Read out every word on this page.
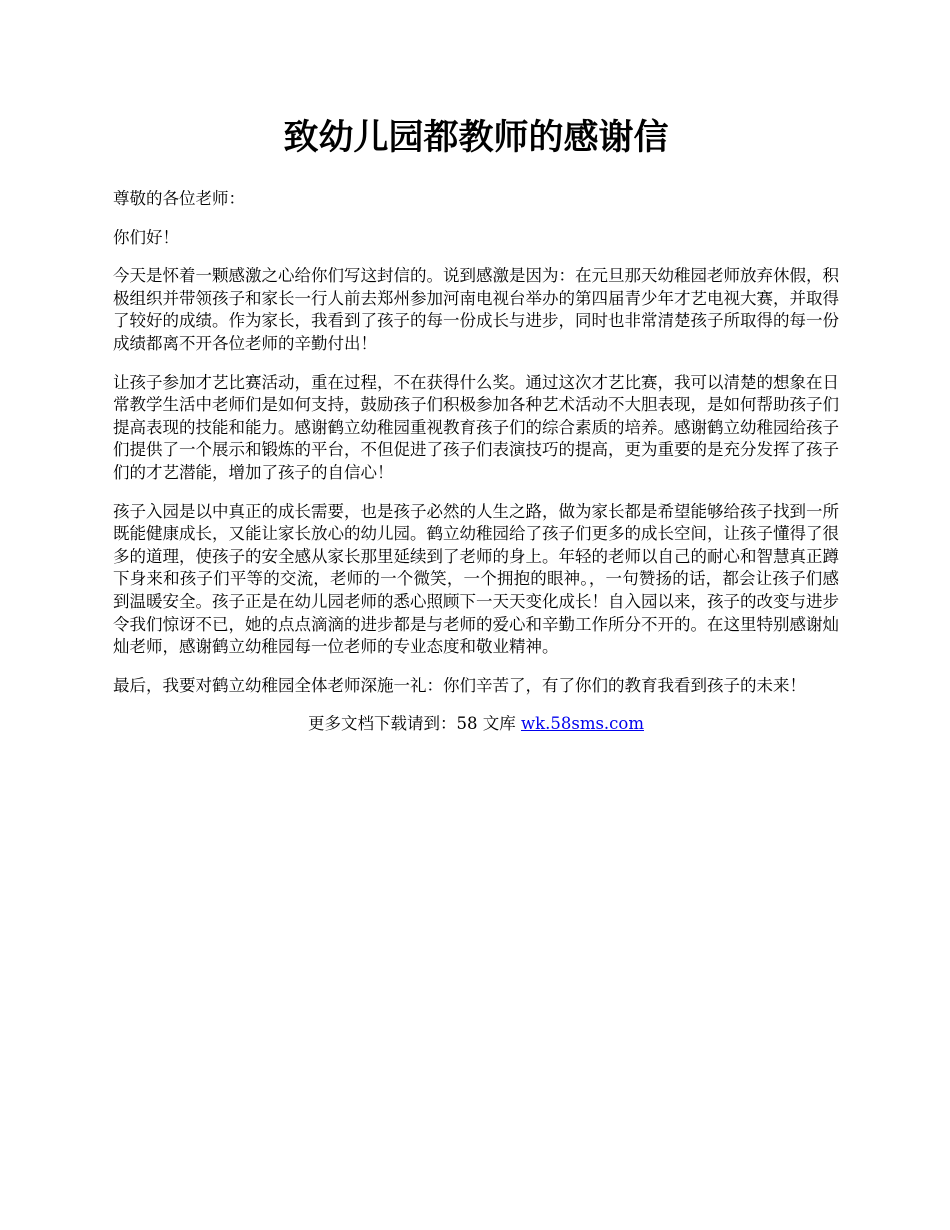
致幼儿园都教师的感谢信

尊敬的各位老师：

你们好！

今天是怀着一颗感激之心给你们写这封信的。说到感激是因为：在元旦那天幼稚园老师放弃休假，积极组织并带领孩子和家长一行人前去郑州参加河南电视台举办的第四届青少年才艺电视大赛，并取得了较好的成绩。作为家长，我看到了孩子的每一份成长与进步，同时也非常清楚孩子所取得的每一份成绩都离不开各位老师的辛勤付出！

让孩子参加才艺比赛活动，重在过程，不在获得什么奖。通过这次才艺比赛，我可以清楚的想象在日常教学生活中老师们是如何支持，鼓励孩子们积极参加各种艺术活动不大胆表现，是如何帮助孩子们提高表现的技能和能力。感谢鹤立幼稚园重视教育孩子们的综合素质的培养。感谢鹤立幼稚园给孩子们提供了一个展示和锻炼的平台，不但促进了孩子们表演技巧的提高，更为重要的是充分发挥了孩子们的才艺潜能，增加了孩子的自信心！

孩子入园是以中真正的成长需要，也是孩子必然的人生之路，做为家长都是希望能够给孩子找到一所既能健康成长，又能让家长放心的幼儿园。鹤立幼稚园给了孩子们更多的成长空间，让孩子懂得了很多的道理，使孩子的安全感从家长那里延续到了老师的身上。年轻的老师以自己的耐心和智慧真正蹲下身来和孩子们平等的交流，老师的一个微笑，一个拥抱的眼神。，一句赞扬的话，都会让孩子们感到温暖安全。孩子正是在幼儿园老师的悉心照顾下一天天变化成长！自入园以来，孩子的改变与进步令我们惊讶不已，她的点点滴滴的进步都是与老师的爱心和辛勤工作所分不开的。在这里特别感谢灿灿老师，感谢鹤立幼稚园每一位老师的专业态度和敬业精神。

最后，我要对鹤立幼稚园全体老师深施一礼：你们辛苦了，有了你们的教育我看到孩子的未来！

更多文档下载请到：58 文库 wk.58sms.com
